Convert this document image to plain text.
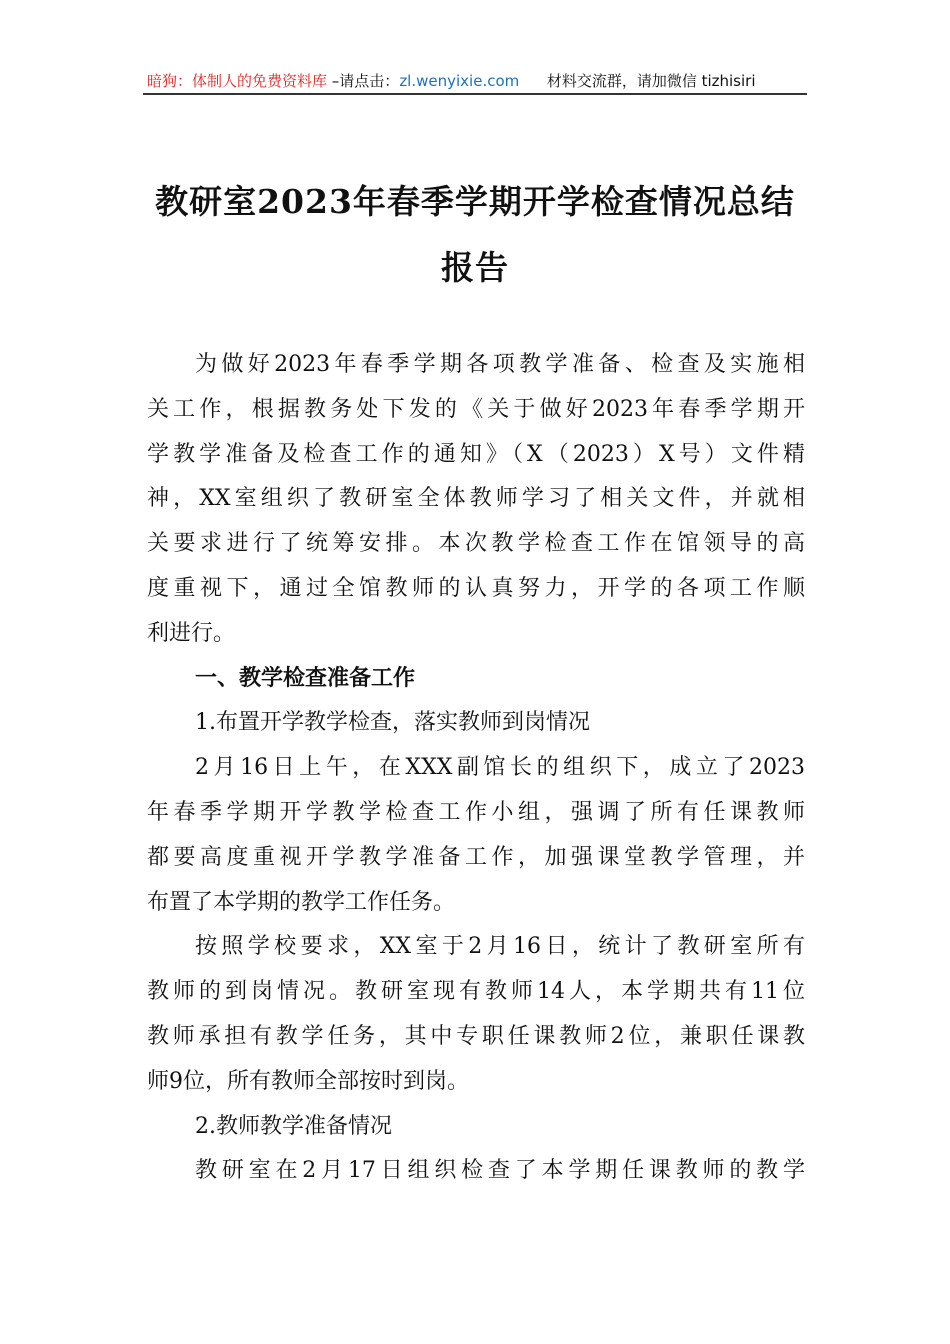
暗狗：体制人的免费资料库 –请点击：zl.wenyixie.com 材料交流群，请加微信 tizhisiri
教研室2023年春季学期开学检查情况总结
报告
为做好2023年春季学期各项教学准备、检查及实施相
关工作，根据教务处下发的《关于做好2023年春季学期开
学教学准备及检查工作的通知》（X（2023）X号）文件精
神，XX室组织了教研室全体教师学习了相关文件，并就相
关要求进行了统筹安排。本次教学检查工作在馆领导的高
度重视下，通过全馆教师的认真努力，开学的各项工作顺
利进行。
一、教学检查准备工作
1.布置开学教学检查，落实教师到岗情况
2月16日上午，在XXX副馆长的组织下，成立了2023
年春季学期开学教学检查工作小组，强调了所有任课教师
都要高度重视开学教学准备工作，加强课堂教学管理，并
布置了本学期的教学工作任务。
按照学校要求，XX室于2月16日，统计了教研室所有
教师的到岗情况。教研室现有教师14人，本学期共有11位
教师承担有教学任务，其中专职任课教师2位，兼职任课教
师9位，所有教师全部按时到岗。
2.教师教学准备情况
教研室在2月17日组织检查了本学期任课教师的教学
